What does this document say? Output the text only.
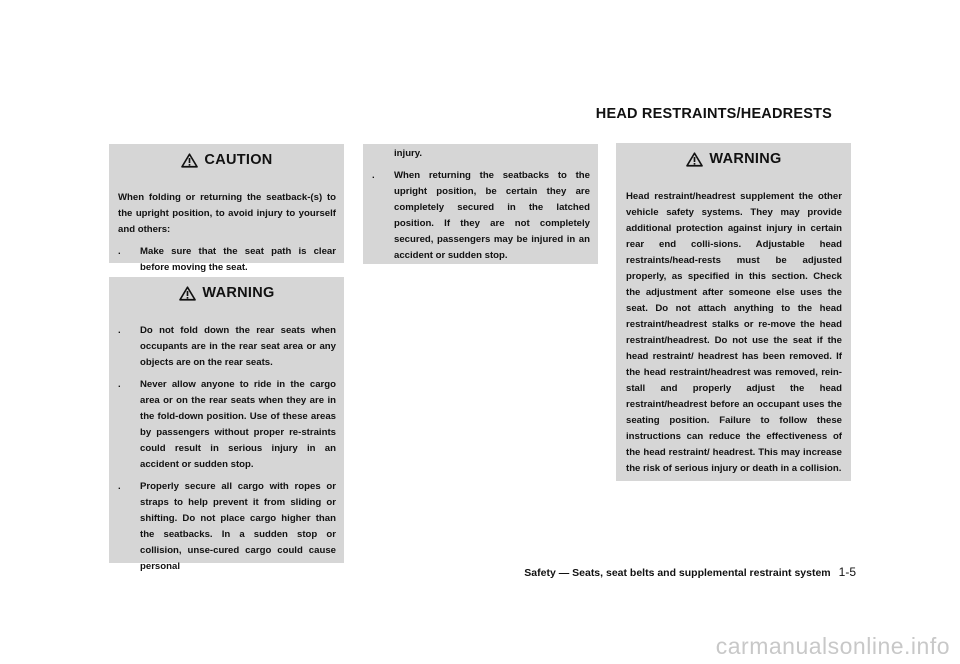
HEAD RESTRAINTS/HEADRESTS
CAUTION

When folding or returning the seatback-(s) to the upright position, to avoid injury to yourself and others:

. Make sure that the seat path is clear before moving the seat.
WARNING
. Do not fold down the rear seats when occupants are in the rear seat area or any objects are on the rear seats.
. Never allow anyone to ride in the cargo area or on the rear seats when they are in the fold-down position. Use of these areas by passengers without proper re-straints could result in serious injury in an accident or sudden stop.
. Properly secure all cargo with ropes or straps to help prevent it from sliding or shifting. Do not place cargo higher than the seatbacks. In a sudden stop or collision, unse-cured cargo could cause personal

injury.

. When returning the seatbacks to the upright position, be certain they are completely secured in the latched position. If they are not completely secured, passengers may be injured in an accident or sudden stop.
WARNING

Head restraint/headrest supplement the other vehicle safety systems. They may provide additional protection against injury in certain rear end colli-sions. Adjustable head restraints/head-rests must be adjusted properly, as specified in this section. Check the adjustment after someone else uses the seat. Do not attach anything to the head restraint/headrest stalks or re-move the head restraint/headrest. Do not use the seat if the head restraint/ headrest has been removed. If the head restraint/headrest was removed, rein-stall and properly adjust the head restraint/headrest before an occupant uses the seating position. Failure to follow these instructions can reduce the effectiveness of the head restraint/ headrest. This may increase the risk of serious injury or death in a collision.

Safety — Seats, seat belts and supplemental restraint system 1-5
carmanualsonline.info
